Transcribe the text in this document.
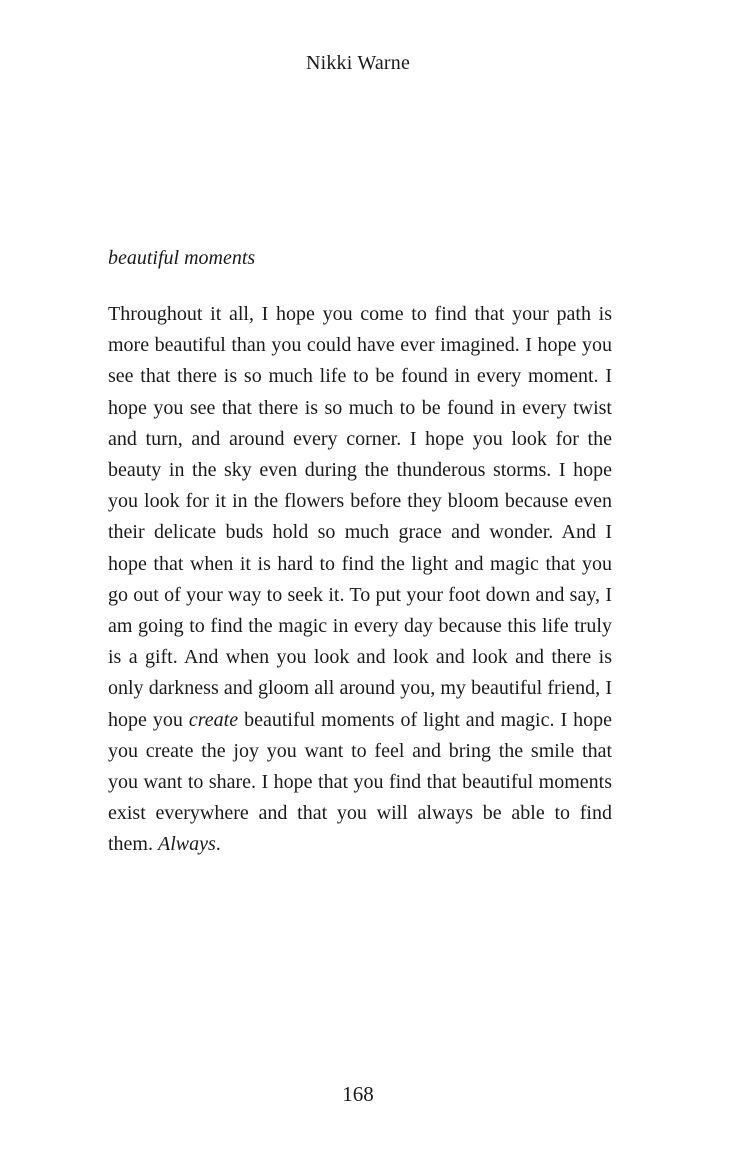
Nikki Warne
beautiful moments

Throughout it all, I hope you come to find that your path is more beautiful than you could have ever imagined. I hope you see that there is so much life to be found in every moment. I hope you see that there is so much to be found in every twist and turn, and around every corner. I hope you look for the beauty in the sky even during the thunderous storms. I hope you look for it in the flowers before they bloom because even their delicate buds hold so much grace and wonder. And I hope that when it is hard to find the light and magic that you go out of your way to seek it. To put your foot down and say, I am going to find the magic in every day because this life truly is a gift. And when you look and look and look and there is only darkness and gloom all around you, my beautiful friend, I hope you create beautiful moments of light and magic. I hope you create the joy you want to feel and bring the smile that you want to share. I hope that you find that beautiful moments exist everywhere and that you will always be able to find them. Always.

168
